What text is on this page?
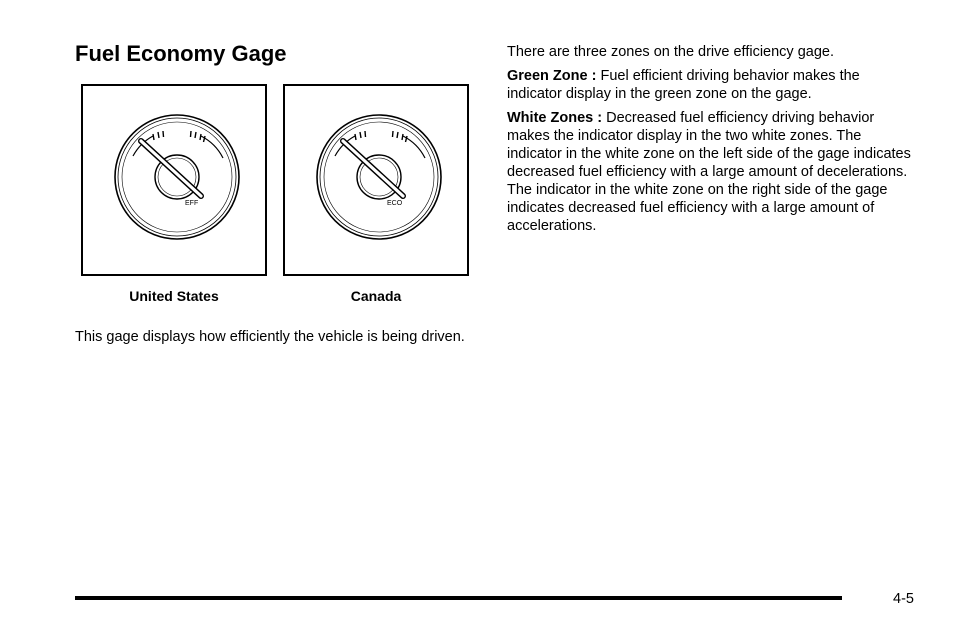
Fuel Economy Gage
EFF	ECO
United States	Canada

This gage displays how efficiently the vehicle is being driven.

There are three zones on the drive efficiency gage.

Green Zone : Fuel efficient driving behavior makes the indicator display in the green zone on the gage.

White Zones : Decreased fuel efficiency driving behavior makes the indicator display in the two white zones. The indicator in the white zone on the left side of the gage indicates decreased fuel efficiency with a large amount of decelerations. The indicator in the white zone on the right side of the gage indicates decreased fuel efficiency with a large amount of accelerations.

4-5
